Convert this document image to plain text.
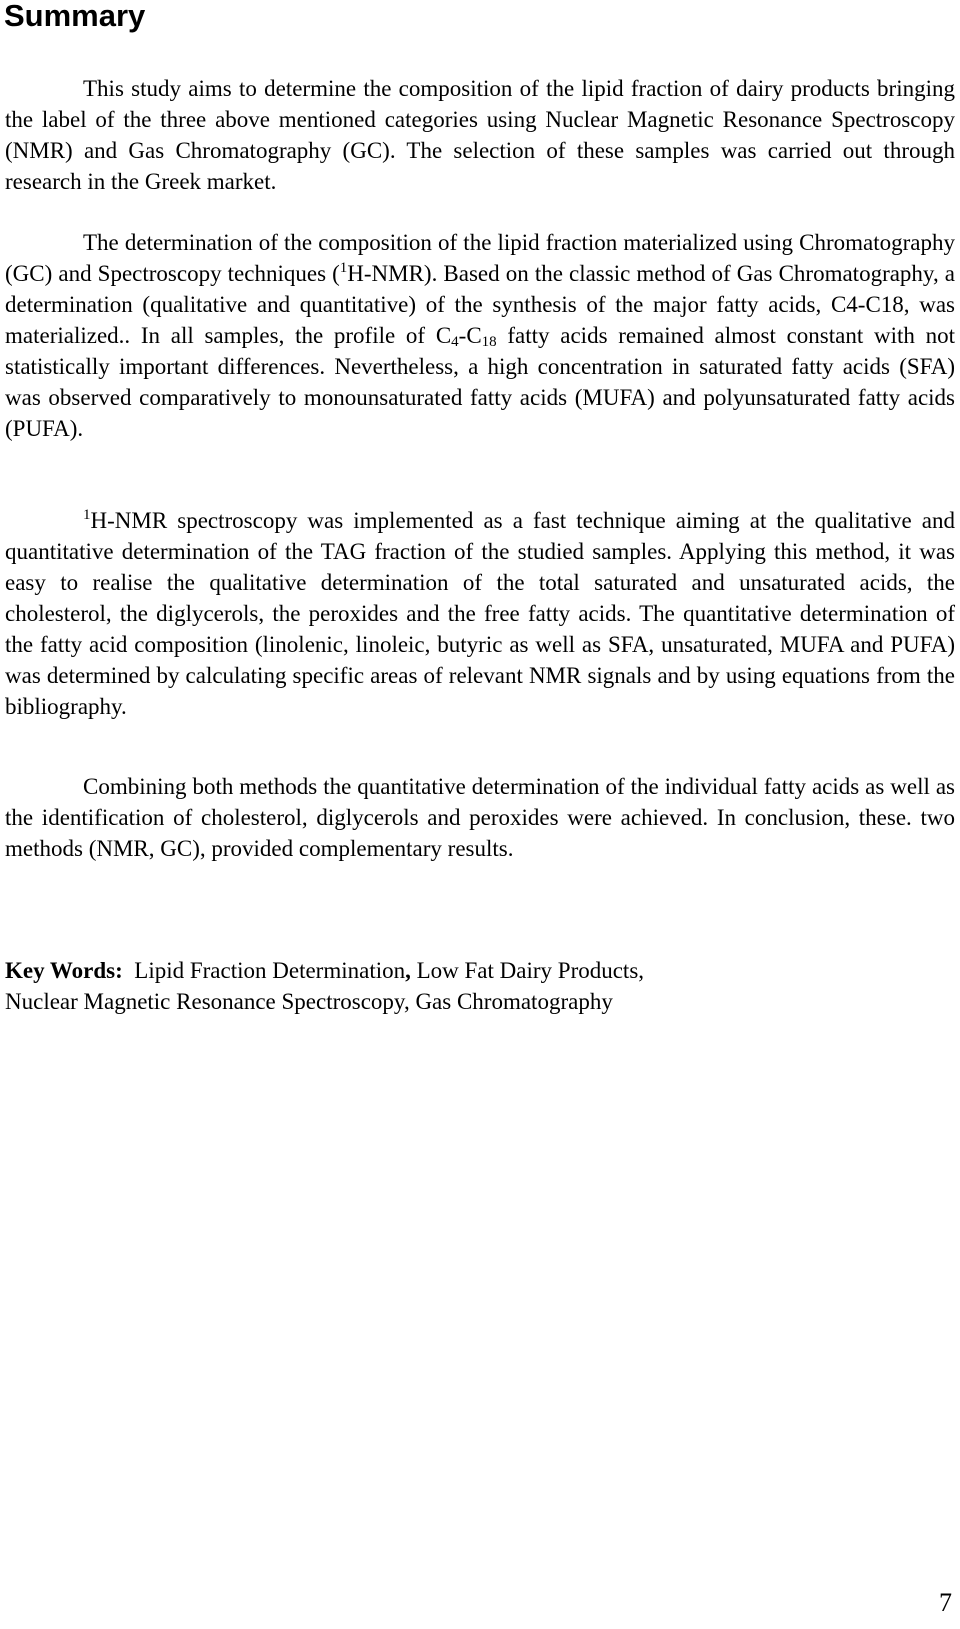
Summary

This study aims to determine the composition of the lipid fraction of dairy products bringing the label of the three above mentioned categories using Nuclear Magnetic Resonance Spectroscopy (NMR) and Gas Chromatography (GC). The selection of these samples was carried out through research in the Greek market.

The determination of the composition of the lipid fraction materialized using Chromatography (GC) and Spectroscopy techniques ($^1$H-NMR). Based on the classic method of Gas Chromatography, a determination (qualitative and quantitative) of the synthesis of the major fatty acids, C4-C18, was materialized.. In all samples, the profile of $C_4-C_{18}$ fatty acids remained almost constant with not statistically important differences. Nevertheless, a high concentration in saturated fatty acids (SFA) was observed comparatively to monounsaturated fatty acids (MUFA) and polyunsaturated fatty acids (PUFA).

$^1$H-NMR spectroscopy was implemented as a fast technique aiming at the qualitative and quantitative determination of the TAG fraction of the studied samples. Applying this method, it was easy to realise the qualitative determination of the total saturated and unsaturated acids, the cholesterol, the diglycerols, the peroxides and the free fatty acids. The quantitative determination of the fatty acid composition (linolenic, linoleic, butyric as well as SFA, unsaturated, MUFA and PUFA) was determined by calculating specific areas of relevant NMR signals and by using equations from the bibliography.

Combining both methods the quantitative determination of the individual fatty acids as well as the identification of cholesterol, diglycerols and peroxides were achieved. In conclusion, these. two methods (NMR, GC), provided complementary results.

Key Words: Lipid Fraction Determination, Low Fat Dairy Products,
Nuclear Magnetic Resonance Spectroscopy, Gas Chromatography

7
